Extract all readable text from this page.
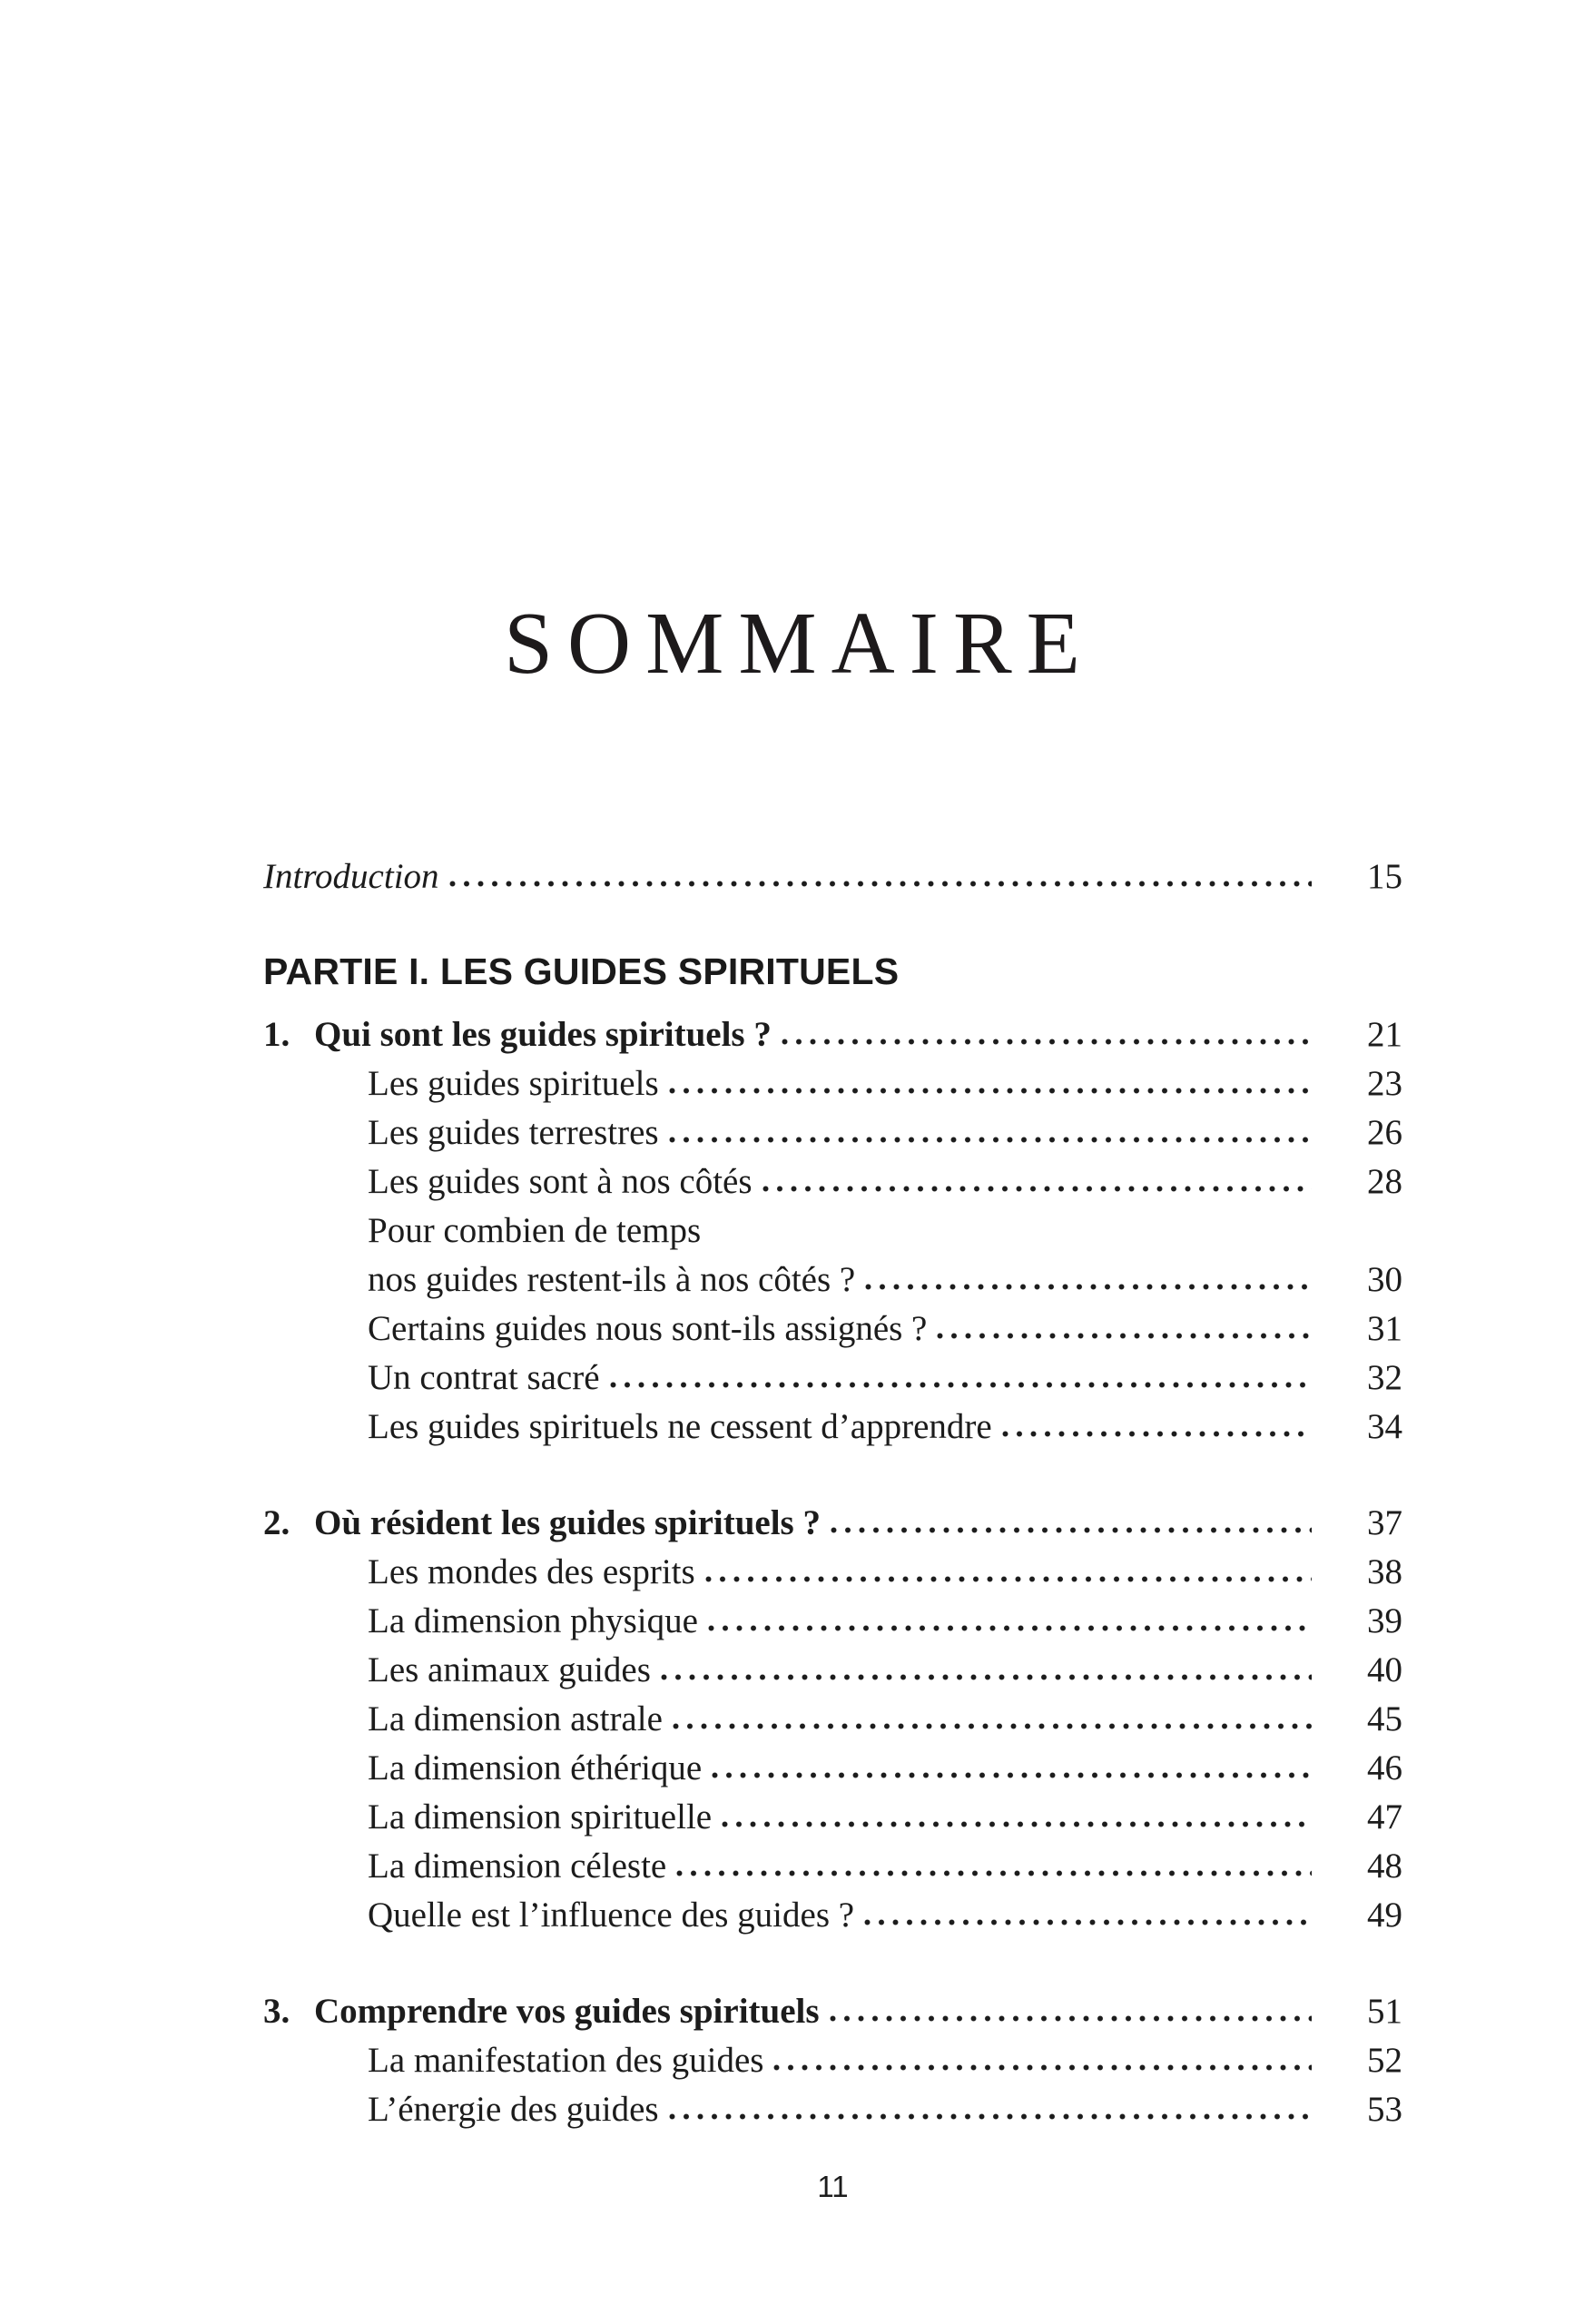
SOMMAIRE
Introduction	15
PARTIE I. LES GUIDES SPIRITUELS
1. Qui sont les guides spirituels ?	21
Les guides spirituels	23
Les guides terrestres	26
Les guides sont à nos côtés	28
Pour combien de temps
nos guides restent-ils à nos côtés ?	30
Certains guides nous sont-ils assignés ?	31
Un contrat sacré	32
Les guides spirituels ne cessent d’apprendre	34
2. Où résident les guides spirituels ?	37
Les mondes des esprits	38
La dimension physique	39
Les animaux guides	40
La dimension astrale	45
La dimension éthérique	46
La dimension spirituelle	47
La dimension céleste	48
Quelle est l’influence des guides ?	49
3. Comprendre vos guides spirituels	51
La manifestation des guides	52
L’énergie des guides	53
11
